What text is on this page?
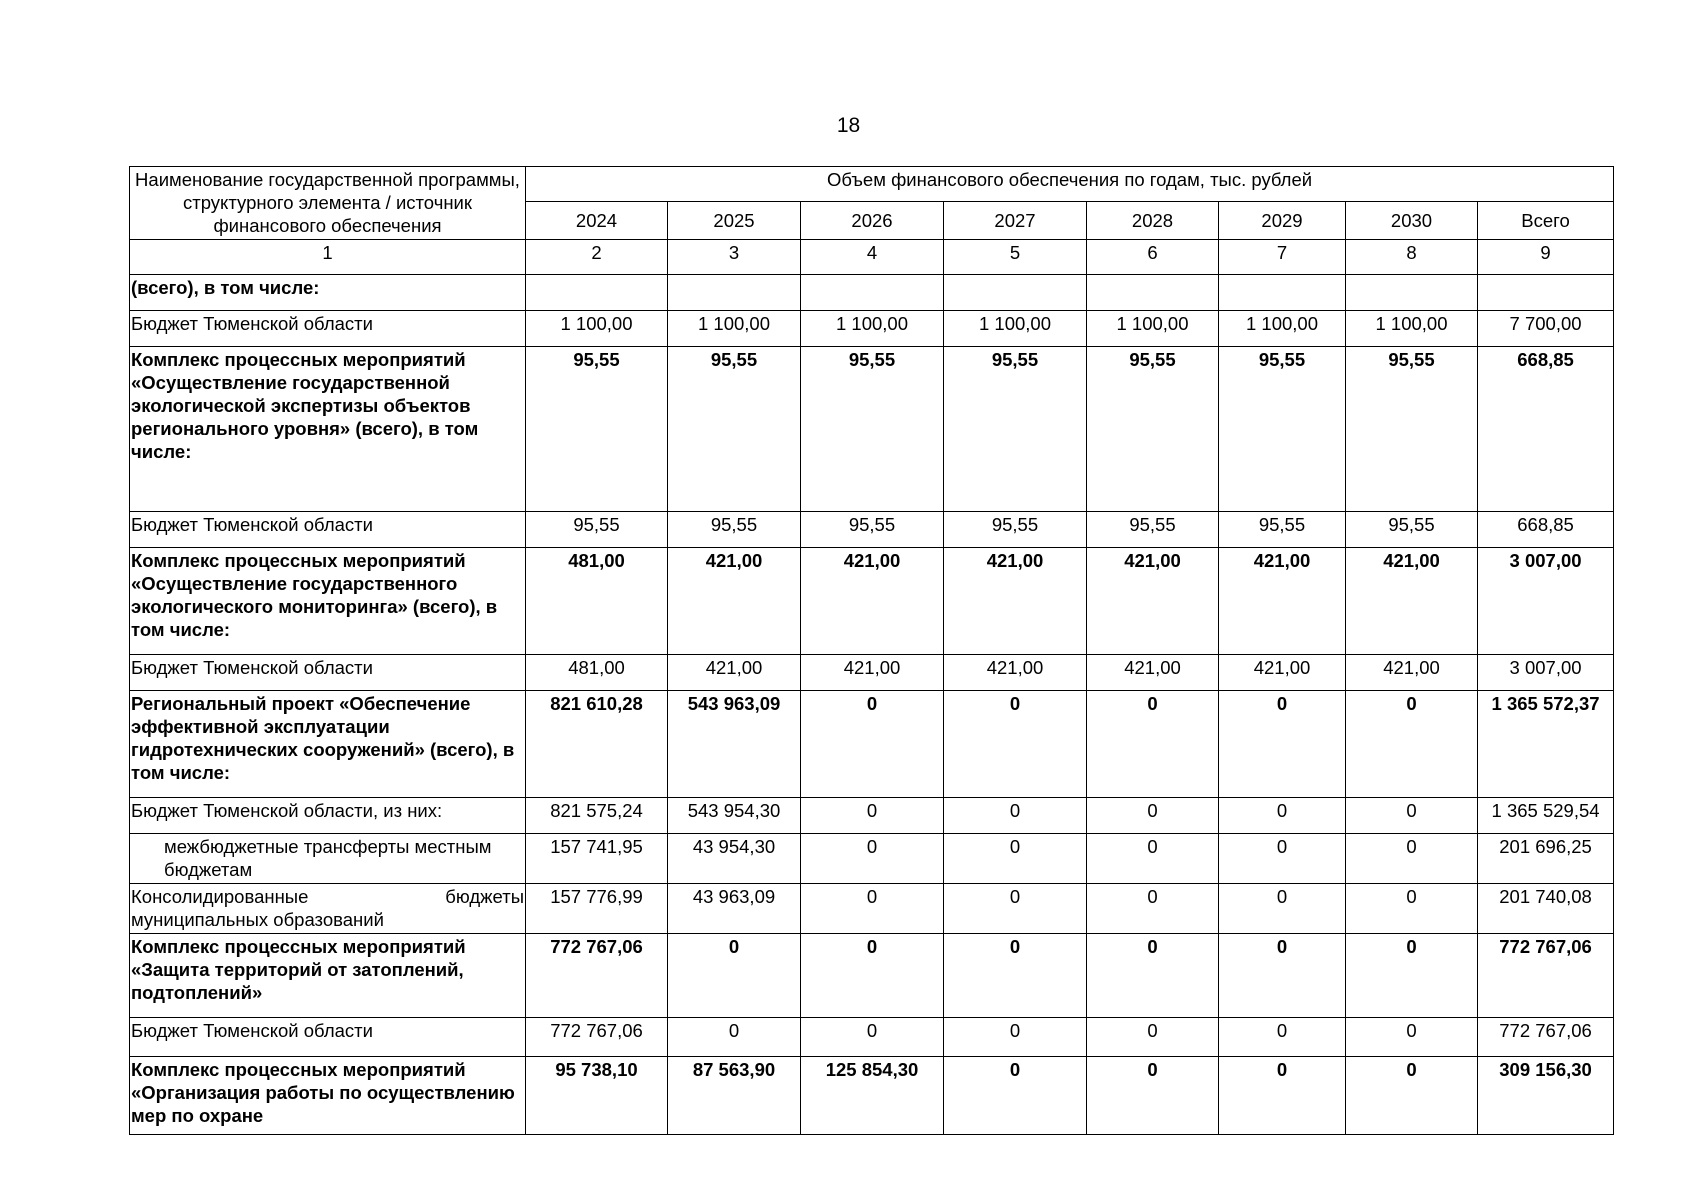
18
Наименование государственной программы, структурного элемента / источник финансового обеспечения	Объем финансового обеспечения по годам, тыс. рублей							
	2024	2025	2026	2027	2028	2029	2030	Всего
1	2	3	4	5	6	7	8	9
(всего), в том числе:								
Бюджет Тюменской области	1 100,00	1 100,00	1 100,00	1 100,00	1 100,00	1 100,00	1 100,00	7 700,00
Комплекс процессных мероприятий «Осуществление государственной экологической экспертизы объектов регионального уровня» (всего), в том числе:	95,55	95,55	95,55	95,55	95,55	95,55	95,55	668,85
Бюджет Тюменской области	95,55	95,55	95,55	95,55	95,55	95,55	95,55	668,85
Комплекс процессных мероприятий «Осуществление государственного экологического мониторинга» (всего), в том числе:	481,00	421,00	421,00	421,00	421,00	421,00	421,00	3 007,00
Бюджет Тюменской области	481,00	421,00	421,00	421,00	421,00	421,00	421,00	3 007,00
Региональный проект «Обеспечение эффективной эксплуатации гидротехнических сооружений» (всего), в том числе:	821 610,28	543 963,09	0	0	0	0	0	1 365 572,37
Бюджет Тюменской области, из них:	821 575,24	543 954,30	0	0	0	0	0	1 365 529,54
межбюджетные трансферты местным бюджетам	157 741,95	43 954,30	0	0	0	0	0	201 696,25
Консолидированные бюджеты муниципальных образований	157 776,99	43 963,09	0	0	0	0	0	201 740,08
Комплекс процессных мероприятий «Защита территорий от затоплений, подтоплений»	772 767,06	0	0	0	0	0	0	772 767,06
Бюджет Тюменской области	772 767,06	0	0	0	0	0	0	772 767,06
Комплекс процессных мероприятий «Организация работы по осуществлению мер по охране	95 738,10	87 563,90	125 854,30	0	0	0	0	309 156,30
